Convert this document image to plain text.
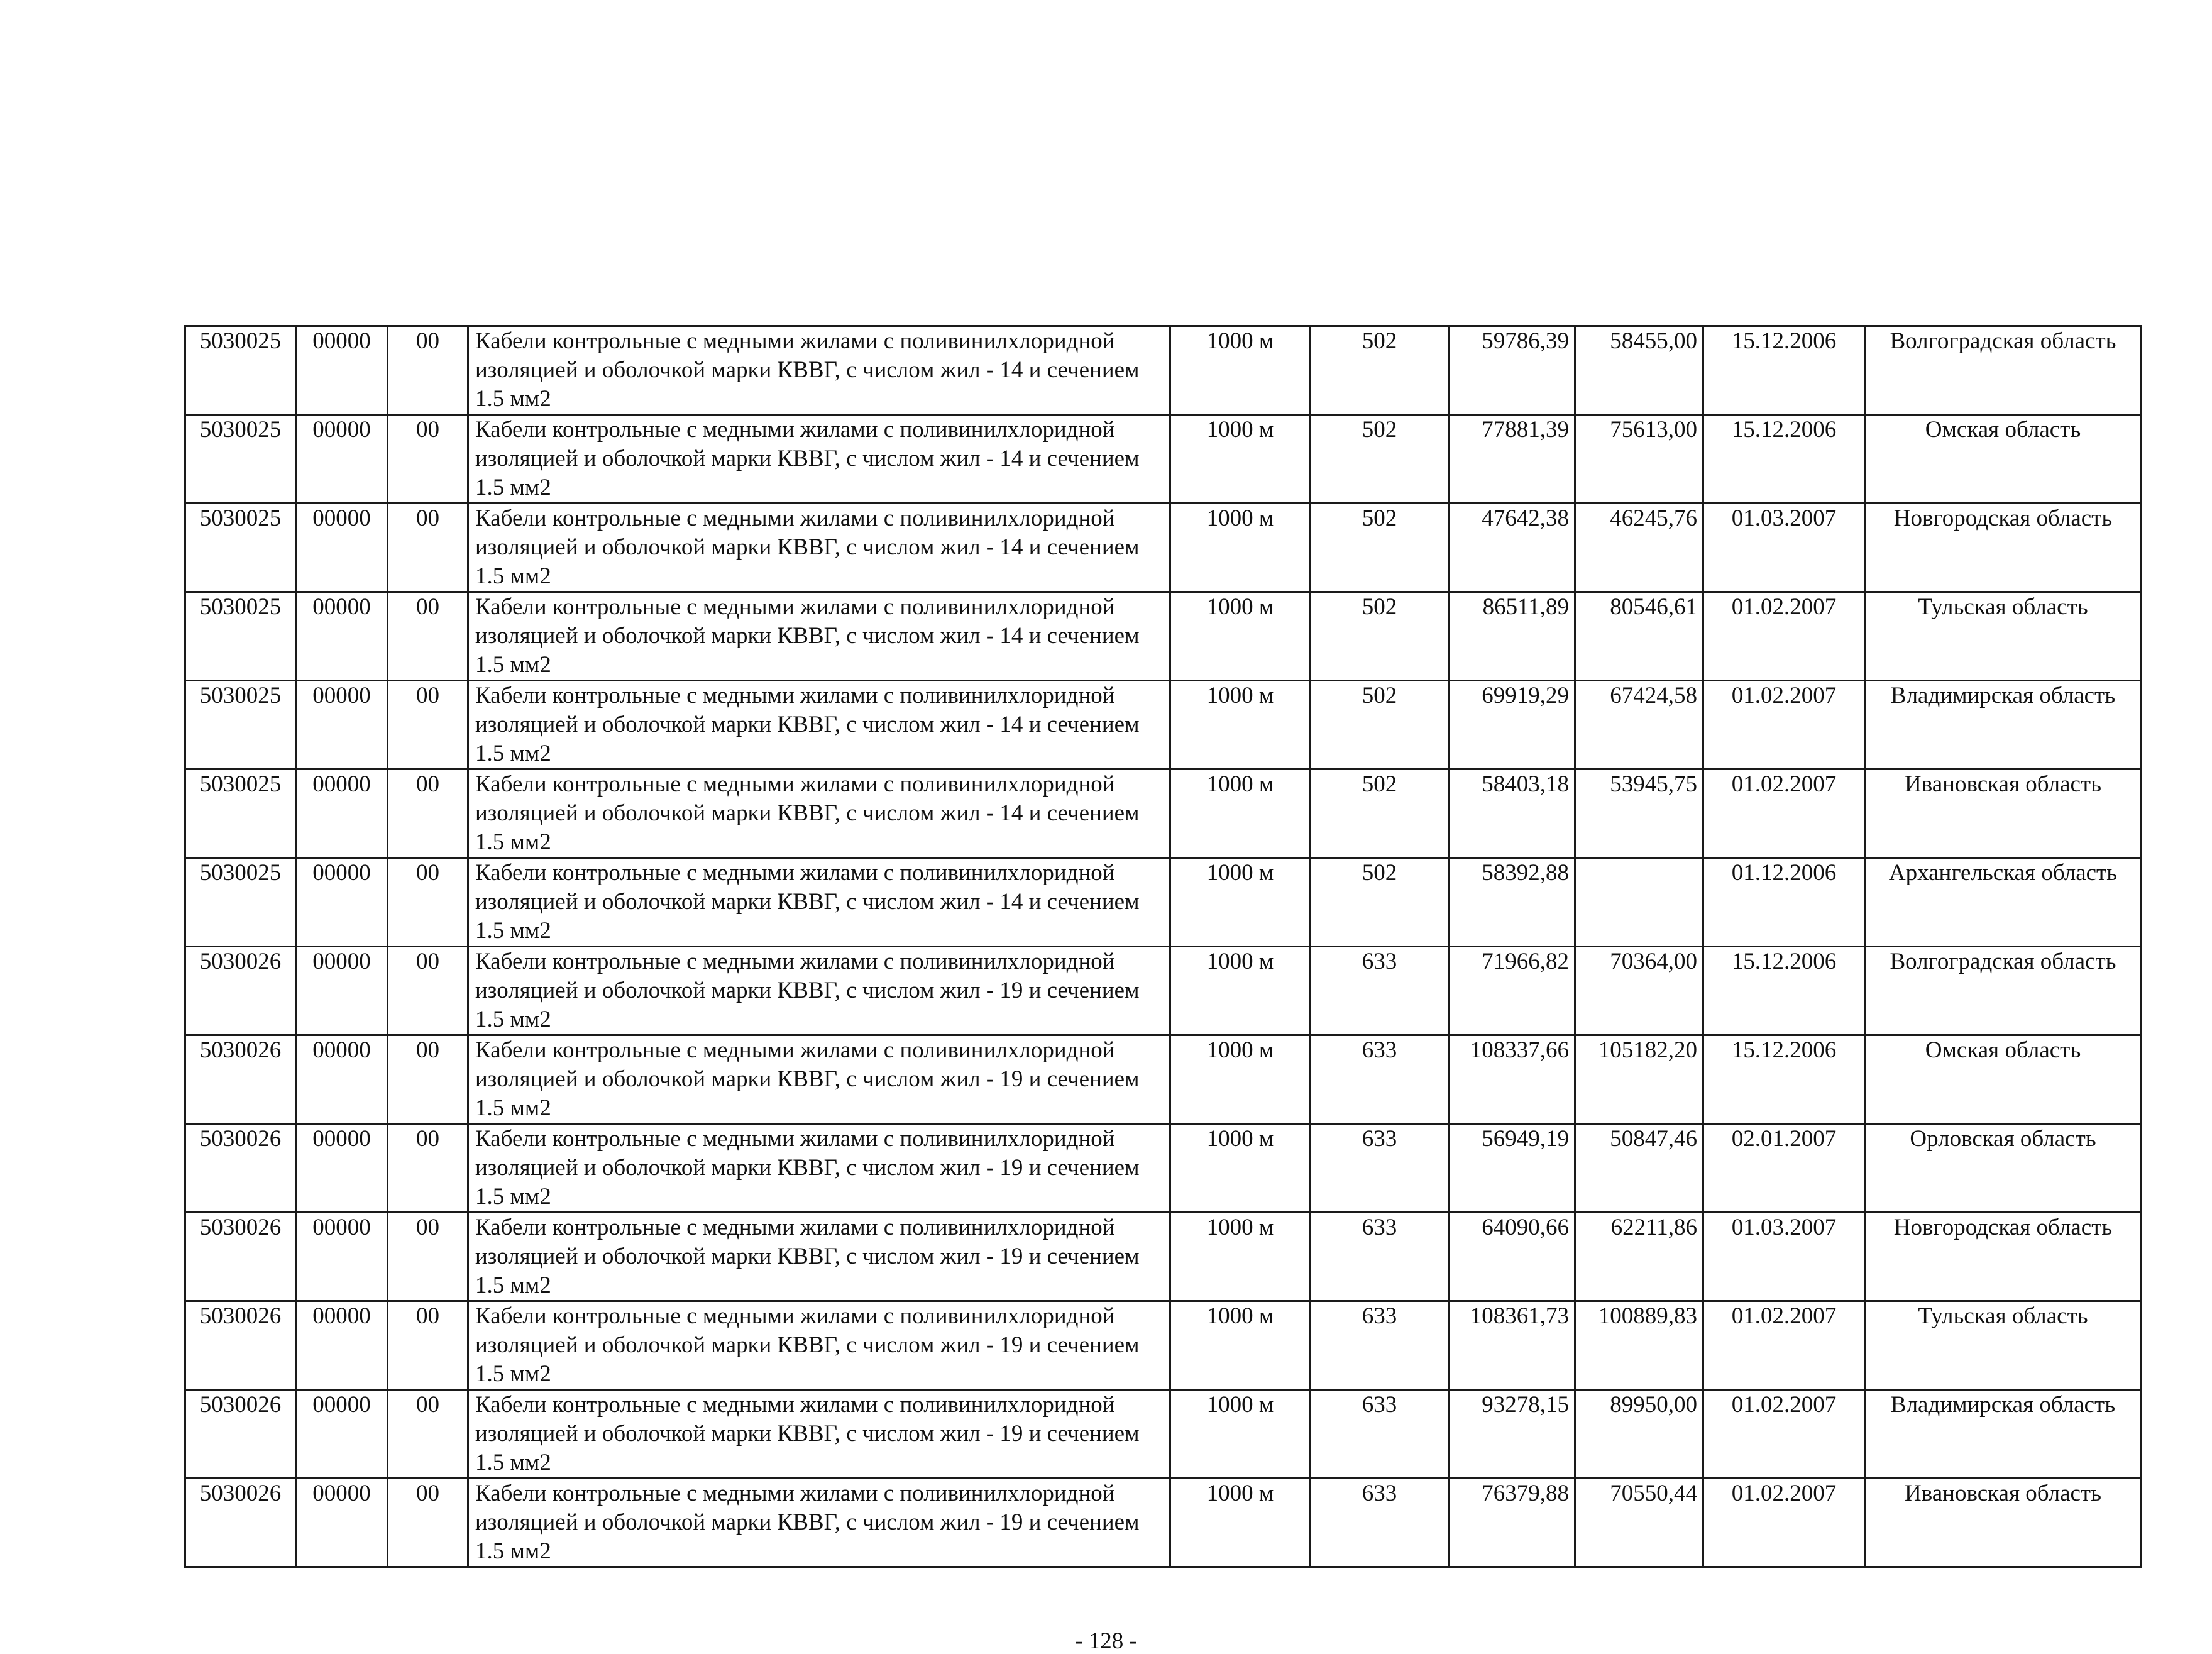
5030025	00000	00	Кабели контрольные с медными жилами с поливинилхлоридной изоляцией и оболочкой марки КВВГ, с числом жил - 14 и сечением 1.5 мм2	1000 м	502	59786,39	58455,00	15.12.2006	Волгоградская область

5030025	00000	00	Кабели контрольные с медными жилами с поливинилхлоридной изоляцией и оболочкой марки КВВГ, с числом жил - 14 и сечением 1.5 мм2	1000 м	502	77881,39	75613,00	15.12.2006	Омская область

5030025	00000	00	Кабели контрольные с медными жилами с поливинилхлоридной изоляцией и оболочкой марки КВВГ, с числом жил - 14 и сечением 1.5 мм2	1000 м	502	47642,38	46245,76	01.03.2007	Новгородская область

5030025	00000	00	Кабели контрольные с медными жилами с поливинилхлоридной изоляцией и оболочкой марки КВВГ, с числом жил - 14 и сечением 1.5 мм2	1000 м	502	86511,89	80546,61	01.02.2007	Тульская область

5030025	00000	00	Кабели контрольные с медными жилами с поливинилхлоридной изоляцией и оболочкой марки КВВГ, с числом жил - 14 и сечением 1.5 мм2	1000 м	502	69919,29	67424,58	01.02.2007	Владимирская область

5030025	00000	00	Кабели контрольные с медными жилами с поливинилхлоридной изоляцией и оболочкой марки КВВГ, с числом жил - 14 и сечением 1.5 мм2	1000 м	502	58403,18	53945,75	01.02.2007	Ивановская область

5030025	00000	00	Кабели контрольные с медными жилами с поливинилхлоридной изоляцией и оболочкой марки КВВГ, с числом жил - 14 и сечением 1.5 мм2	1000 м	502	58392,88		01.12.2006	Архангельская область

5030026	00000	00	Кабели контрольные с медными жилами с поливинилхлоридной изоляцией и оболочкой марки КВВГ, с числом жил - 19 и сечением 1.5 мм2	1000 м	633	71966,82	70364,00	15.12.2006	Волгоградская область

5030026	00000	00	Кабели контрольные с медными жилами с поливинилхлоридной изоляцией и оболочкой марки КВВГ, с числом жил - 19 и сечением 1.5 мм2	1000 м	633	108337,66	105182,20	15.12.2006	Омская область

5030026	00000	00	Кабели контрольные с медными жилами с поливинилхлоридной изоляцией и оболочкой марки КВВГ, с числом жил - 19 и сечением 1.5 мм2	1000 м	633	56949,19	50847,46	02.01.2007	Орловская область

5030026	00000	00	Кабели контрольные с медными жилами с поливинилхлоридной изоляцией и оболочкой марки КВВГ, с числом жил - 19 и сечением 1.5 мм2	1000 м	633	64090,66	62211,86	01.03.2007	Новгородская область

5030026	00000	00	Кабели контрольные с медными жилами с поливинилхлоридной изоляцией и оболочкой марки КВВГ, с числом жил - 19 и сечением 1.5 мм2	1000 м	633	108361,73	100889,83	01.02.2007	Тульская область

5030026	00000	00	Кабели контрольные с медными жилами с поливинилхлоридной изоляцией и оболочкой марки КВВГ, с числом жил - 19 и сечением 1.5 мм2	1000 м	633	93278,15	89950,00	01.02.2007	Владимирская область

5030026	00000	00	Кабели контрольные с медными жилами с поливинилхлоридной изоляцией и оболочкой марки КВВГ, с числом жил - 19 и сечением 1.5 мм2	1000 м	633	76379,88	70550,44	01.02.2007	Ивановская область
- 128 -
